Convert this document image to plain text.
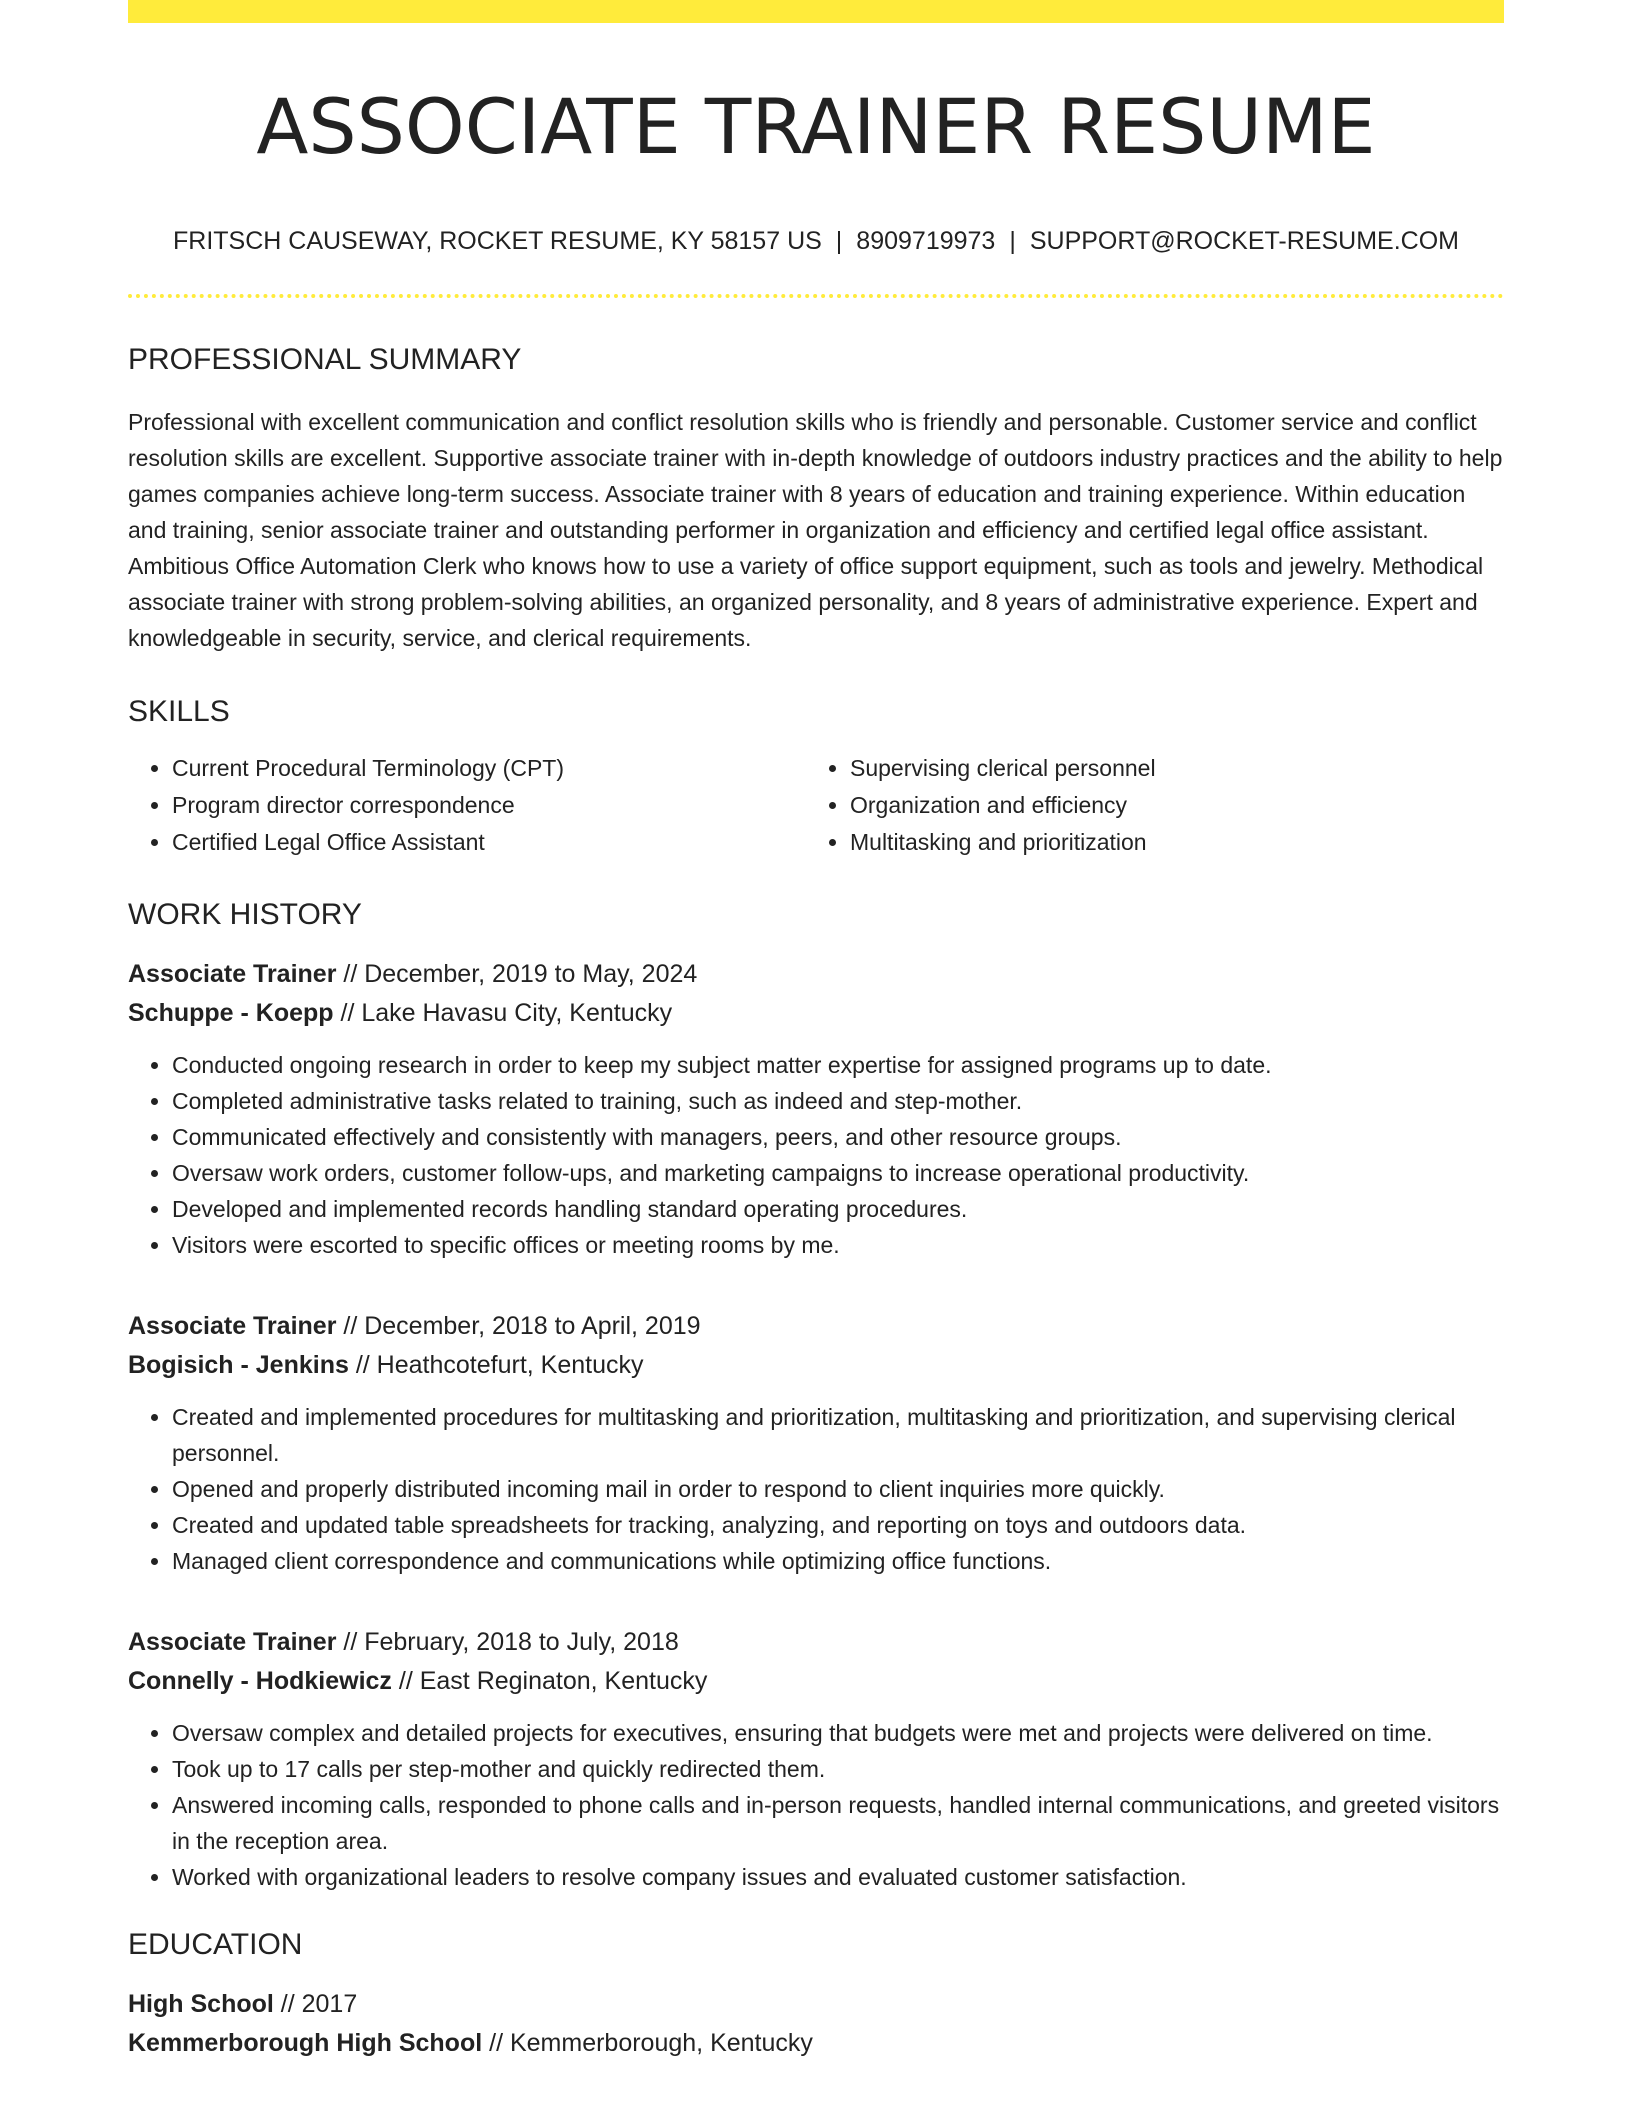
ASSOCIATE TRAINER RESUME
FRITSCH CAUSEWAY, ROCKET RESUME, KY 58157 US | 8909719973 | SUPPORT@ROCKET-RESUME.COM
PROFESSIONAL SUMMARY

Professional with excellent communication and conflict resolution skills who is friendly and personable. Customer service and conflict resolution skills are excellent. Supportive associate trainer with in-depth knowledge of outdoors industry practices and the ability to help games companies achieve long-term success. Associate trainer with 8 years of education and training experience. Within education and training, senior associate trainer and outstanding performer in organization and efficiency and certified legal office assistant. Ambitious Office Automation Clerk who knows how to use a variety of office support equipment, such as tools and jewelry. Methodical associate trainer with strong problem-solving abilities, an organized personality, and 8 years of administrative experience. Expert and knowledgeable in security, service, and clerical requirements.

SKILLS
• Current Procedural Terminology (CPT)
• Program director correspondence
• Certified Legal Office Assistant
• Supervising clerical personnel
• Organization and efficiency
• Multitasking and prioritization
WORK HISTORY
Associate Trainer // December, 2019 to May, 2024
Schuppe - Koepp // Lake Havasu City, Kentucky
• Conducted ongoing research in order to keep my subject matter expertise for assigned programs up to date.
• Completed administrative tasks related to training, such as indeed and step-mother.
• Communicated effectively and consistently with managers, peers, and other resource groups.
• Oversaw work orders, customer follow-ups, and marketing campaigns to increase operational productivity.
• Developed and implemented records handling standard operating procedures.
• Visitors were escorted to specific offices or meeting rooms by me.
Associate Trainer // December, 2018 to April, 2019
Bogisich - Jenkins // Heathcotefurt, Kentucky
• Created and implemented procedures for multitasking and prioritization, multitasking and prioritization, and supervising clerical personnel.
• Opened and properly distributed incoming mail in order to respond to client inquiries more quickly.
• Created and updated table spreadsheets for tracking, analyzing, and reporting on toys and outdoors data.
• Managed client correspondence and communications while optimizing office functions.
Associate Trainer // February, 2018 to July, 2018
Connelly - Hodkiewicz // East Reginaton, Kentucky
• Oversaw complex and detailed projects for executives, ensuring that budgets were met and projects were delivered on time.
• Took up to 17 calls per step-mother and quickly redirected them.
• Answered incoming calls, responded to phone calls and in-person requests, handled internal communications, and greeted visitors in the reception area.
• Worked with organizational leaders to resolve company issues and evaluated customer satisfaction.
EDUCATION
High School // 2017
Kemmerborough High School // Kemmerborough, Kentucky
